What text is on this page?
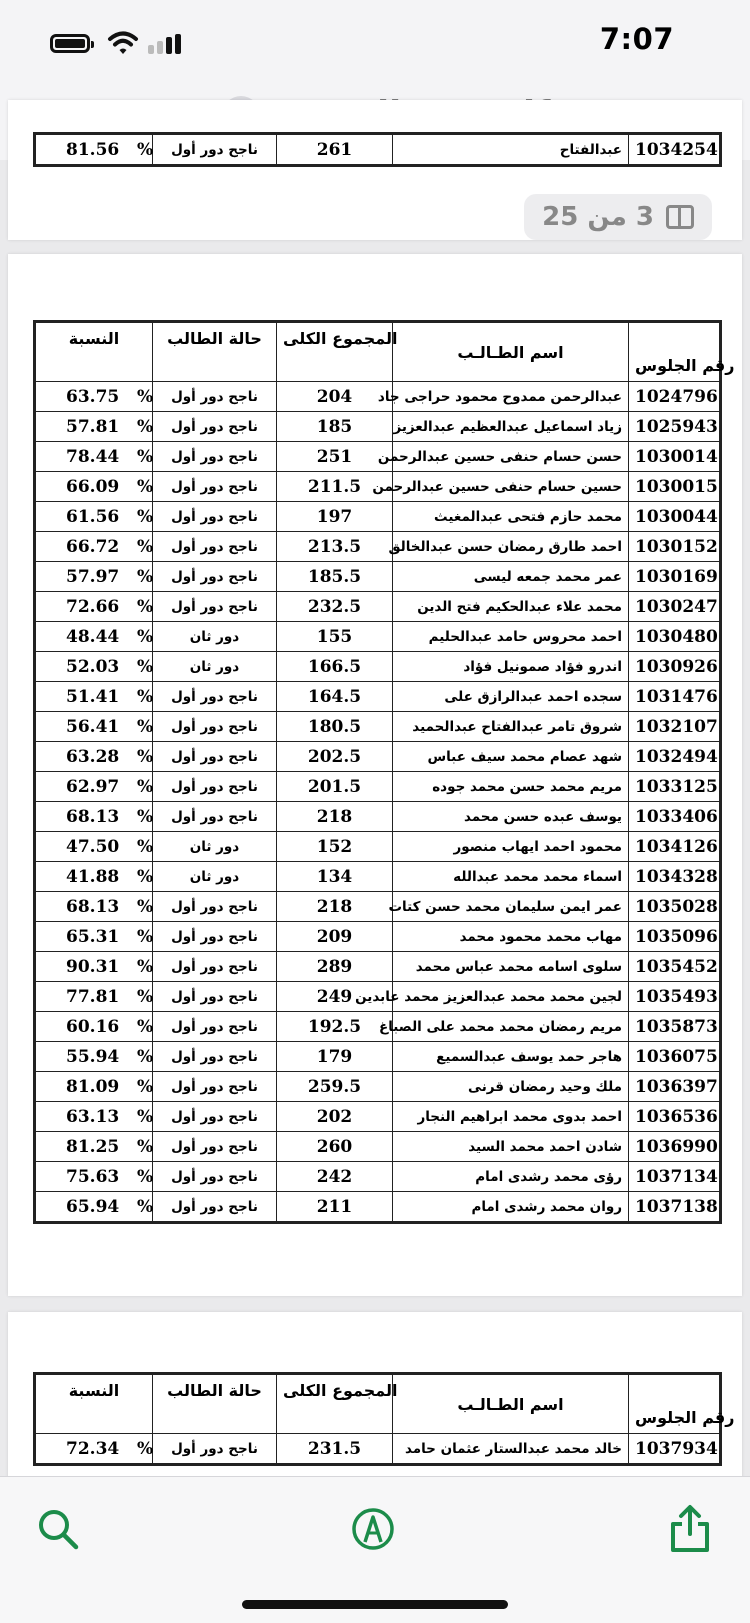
7:07
81.56 %	ناجح دور أول	261	عبدالفتاح	1034254
النسبة	حالة الطالب	المجموع الكلى	اسم الطـالـب	رقم الجلوس
63.75 %	ناجح دور أول	204	عبدالرحمن ممدوح محمود حراجى جاد	1024796
57.81 %	ناجح دور أول	185	زياد اسماعيل عبدالعظيم عبدالعزيز	1025943
78.44 %	ناجح دور أول	251	حسن حسام حنفى حسين عبدالرحمن	1030014
66.09 %	ناجح دور أول	211.5	حسين حسام حنفى حسين عبدالرحمن	1030015
61.56 %	ناجح دور أول	197	محمد حازم فتحى عبدالمغيث	1030044
66.72 %	ناجح دور أول	213.5	احمد طارق رمضان حسن عبدالخالق	1030152
57.97 %	ناجح دور أول	185.5	عمر محمد جمعه ليسى	1030169
72.66 %	ناجح دور أول	232.5	محمد علاء عبدالحكيم فتح الدين	1030247
48.44 %	دور ثان	155	احمد محروس حامد عبدالحليم	1030480
52.03 %	دور ثان	166.5	اندرو فؤاد صمونيل فؤاد	1030926
51.41 %	ناجح دور أول	164.5	سجده احمد عبدالرازق على	1031476
56.41 %	ناجح دور أول	180.5	شروق تامر عبدالفتاح عبدالحميد	1032107
63.28 %	ناجح دور أول	202.5	شهد عصام محمد سيف عباس	1032494
62.97 %	ناجح دور أول	201.5	مريم محمد حسن محمد جوده	1033125
68.13 %	ناجح دور أول	218	يوسف عبده حسن محمد	1033406
47.50 %	دور ثان	152	محمود احمد ايهاب منصور	1034126
41.88 %	دور ثان	134	اسماء محمد محمد عبدالله	1034328
68.13 %	ناجح دور أول	218	عمر ايمن سليمان محمد حسن كتات	1035028
65.31 %	ناجح دور أول	209	مهاب محمد محمود محمد	1035096
90.31 %	ناجح دور أول	289	سلوى اسامه محمد عباس محمد	1035452
77.81 %	ناجح دور أول	249	لجين محمد محمد عبدالعزيز محمد عابدين	1035493
60.16 %	ناجح دور أول	192.5	مريم رمضان محمد محمد على الصباغ	1035873
55.94 %	ناجح دور أول	179	هاجر حمد يوسف عبدالسميع	1036075
81.09 %	ناجح دور أول	259.5	ملك وحيد رمضان قرنى	1036397
63.13 %	ناجح دور أول	202	احمد بدوى محمد ابراهيم النجار	1036536
81.25 %	ناجح دور أول	260	شادن احمد محمد السيد	1036990
75.63 %	ناجح دور أول	242	رؤى محمد رشدى امام	1037134
65.94 %	ناجح دور أول	211	روان محمد رشدى امام	1037138
النسبة	حالة الطالب	المجموع الكلى	اسم الطـالـب	رقم الجلوس
72.34 %	ناجح دور أول	231.5	خالد محمد عبدالستار عثمان حامد	1037934
3 من 25
